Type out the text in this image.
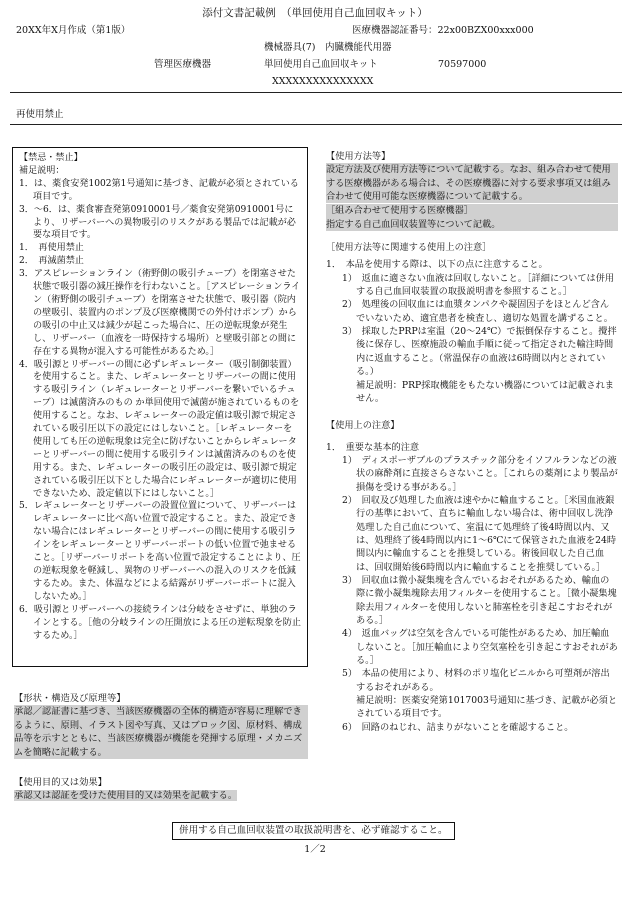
添付文書記載例　（単回使用自己血回収キット）
20XX年X月作成（第1版）	医療機器認証番号：22x00BZX00xxx000
機械器具(7)　内臓機能代用器
管理医療機器	単回使用自己血回収キット	70597000
XXXXXXXXXXXXXXX
再使用禁止
【禁忌・禁止】
補足説明：
1．は、薬食安発1002第1号通知に基づき、記載が必須とされている項目です。
3．～6．は、薬食審査発第0910001号／薬食安発第0910001号により、リザーバーへの異物吸引のリスクがある製品では記載が必要な項目です。
1．　再使用禁止
2．　再滅菌禁止
3．アスピレーションライン（術野側の吸引チューブ）を閉塞させた状態で吸引器の減圧操作を行わないこと。［アスピレーションライン（術野側の吸引チューブ）を閉塞させた状態で、吸引器（院内の壁吸引、装置内のポンプ及び医療機関での外付けポンプ）からの吸引の中止又は減少が起こった場合に、圧の逆転現象が発生し、リザーバー（血液を一時保持する場所）と壁吸引部との間に存在する異物が混入する可能性があるため。］
4．吸引源とリザーバーの間に必ずレギュレーター（吸引制御装置）を使用すること。また、レギュレーターとリザーバーの間に使用する吸引ライン（レギュレーターとリザーバーを繋いでいるチューブ）は滅菌済みのもの か単回使用で滅菌が施されているものを使用すること。なお、レギュレーターの設定値は吸引源で規定されている吸引圧以下の設定にはしないこと。［レギュレーターを使用しても圧の逆転現象は完全に防げないことからレギュレーターとリザーバーの間に使用する吸引ラインは滅菌済みのものを使用する。また、レギュレーターの吸引圧の設定は、吸引源で規定されている吸引圧以下とした場合にレギュレーターが適切に使用できないため、設定値以下にはしないこと。］
5．レギュレーターとリザーバーの設置位置について、リザーバーはレギュレーターに比べ高い位置で設定すること。また、設定できない場合にはレギュレーターとリザーバーの間に使用する吸引ラインをレギュレーターとリザーバーポートの低い位置で弛ませること。［リザーバーリポートを高い位置で設定することにより、圧の逆転現象を軽減し、異物のリザーバーへの混入のリスクを低減するため。また、体温などによる結露がリザーバーポートに混入しないため。］
6．吸引源とリザーバーへの接続ラインは分岐をさせずに、単独のラインとする。［他の分岐ラインの圧開放による圧の逆転現象を防止するため。］
【形状・構造及び原理等】
承認／認証書に基づき、当該医療機器の全体的構造が容易に理解できるように、原則、イラスト図や写真、又はブロック図、原材料、構成品等を示すとともに、当該医療機器が機能を発揮する原理・メカニズムを簡略に記載する。
【使用目的又は効果】
承認又は認証を受けた使用目的又は効果を記載する。
【使用方法等】
設定方法及び使用方法等について記載する。なお、組み合わせて使用する医療機器がある場合は、その医療機器に対する要求事項又は組み合わせて使用可能な医療機器について記載する。
［組み合わせて使用する医療機器］
指定する自己血回収装置等について記載。
［使用方法等に関連する使用上の注意］
1．　本品を使用する際は、以下の点に注意すること。
1）　返血に適さない血液は回収しないこと。［詳細については併用する自己血回収装置の取扱説明書を参照すること。］
2）　処理後の回収血には血漿タンパクや凝固因子をほとんど含んでいないため、適宜患者を検査し、適切な処置を講ずること。
3）　採取したPRPは室温（20～24℃）で振倒保存すること。攪拌後に保存し、医療施設の輸血手順に従って指定された輸注時間内に返血すること。（常温保存の血液は6時間以内とされている。）
補足説明：PRP採取機能をもたない機器については記載されません。
【使用上の注意】
1．　重要な基本的注意
1）　ディスポーザブルのプラスチック部分をイソフルランなどの液状の麻酔剤に直接さらさないこと。［これらの薬剤により製品が損傷を受ける事がある。］
2）　回収及び処理した血液は速やかに輸血すること。［米国血液銀行の基準において、直ちに輸血しない場合は、術中回収し洗浄処理した自己血について、室温にて処理終了後4時間以内、又は、処理終了後4時間以内に1～6℃にて保管された血液を24時間以内に輸血することを推奨している。術後回収した自己血は、回収開始後6時間以内に輸血することを推奨している。］
3）　回収血は微小凝集塊を含んでいるおそれがあるため、輸血の際に微小凝集塊除去用フィルターを使用すること。［微小凝集塊除去用フィルターを使用しないと肺塞栓を引き起こすおそれがある。］
4）　返血バッグは空気を含んでいる可能性があるため、加圧輸血しないこと。［加圧輸血により空気塞栓を引き起こすおそれがある。］
5）　本品の使用により、材料のポリ塩化ビニルから可塑剤が溶出するおそれがある。
補足説明：医薬安発第1017003号通知に基づき、記載が必須とされている項目です。
6）　回路のねじれ、詰まりがないことを確認すること。
併用する自己血回収装置の取扱説明書を、必ず確認すること。
1／2
